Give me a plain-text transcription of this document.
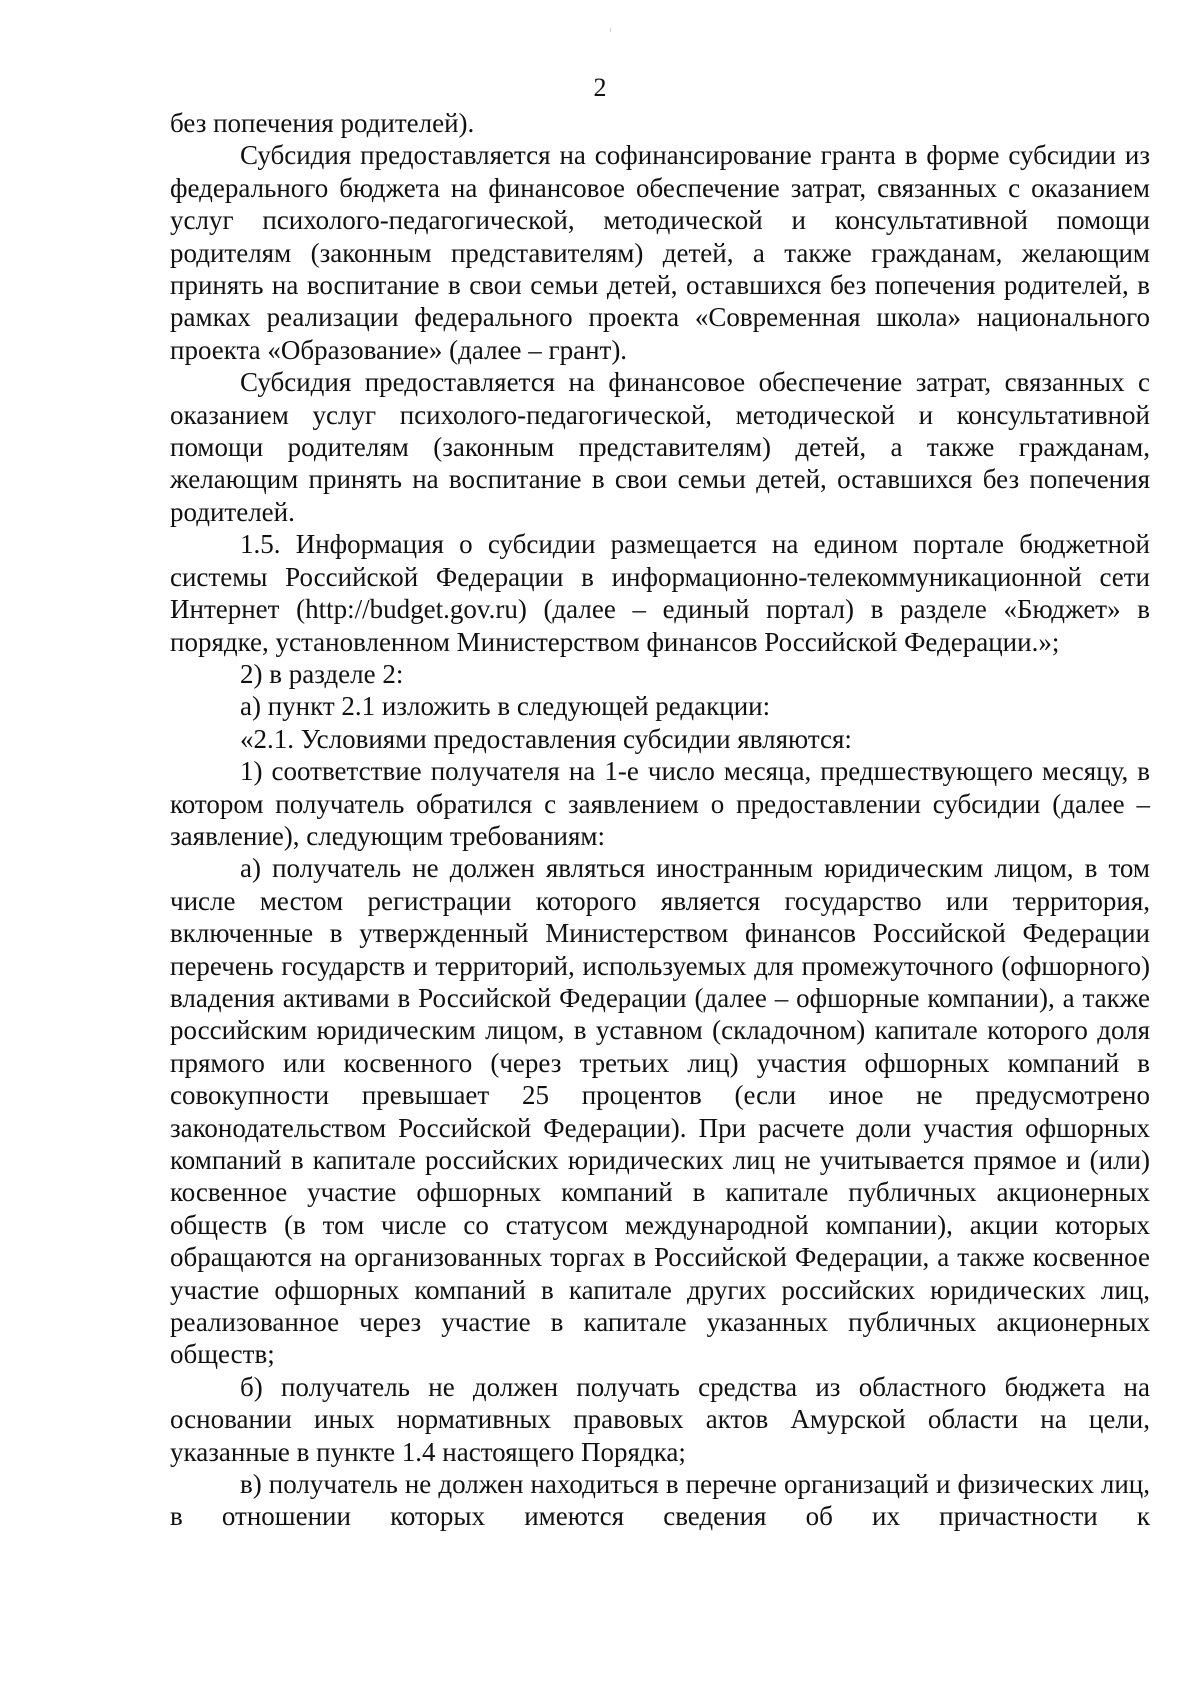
2

без попечения родителей).

Субсидия предоставляется на софинансирование гранта в форме субсидии из федерального бюджета на финансовое обеспечение затрат, связанных с оказанием услуг психолого-педагогической, методической и консультативной помощи родителям (законным представителям) детей, а также гражданам, желающим принять на воспитание в свои семьи детей, оставшихся без попечения родителей, в рамках реализации федерального проекта «Современная школа» национального проекта «Образование» (далее – грант).

Субсидия предоставляется на финансовое обеспечение затрат, связанных с оказанием услуг психолого-педагогической, методической и консультативной помощи родителям (законным представителям) детей, а также гражданам, желающим принять на воспитание в свои семьи детей, оставшихся без попечения родителей.

1.5. Информация о субсидии размещается на едином портале бюджетной системы Российской Федерации в информационно-телекоммуникационной сети Интернет (http://budget.gov.ru) (далее – единый портал) в разделе «Бюджет» в порядке, установленном Министерством финансов Российской Федерации.»;

2) в разделе 2:

а) пункт 2.1 изложить в следующей редакции:

«2.1. Условиями предоставления субсидии являются:

1) соответствие получателя на 1-е число месяца, предшествующего месяцу, в котором получатель обратился с заявлением о предоставлении субсидии (далее – заявление), следующим требованиям:

а) получатель не должен являться иностранным юридическим лицом, в том числе местом регистрации которого является государство или территория, включенные в утвержденный Министерством финансов Российской Федерации перечень государств и территорий, используемых для промежуточного (офшорного) владения активами в Российской Федерации (далее – офшорные компании), а также российским юридическим лицом, в уставном (складочном) капитале которого доля прямого или косвенного (через третьих лиц) участия офшорных компаний в совокупности превышает 25 процентов (если иное не предусмотрено законодательством Российской Федерации). При расчете доли участия офшорных компаний в капитале российских юридических лиц не учитывается прямое и (или) косвенное участие офшорных компаний в капитале публичных акционерных обществ (в том числе со статусом международной компании), акции которых обращаются на организованных торгах в Российской Федерации, а также косвенное участие офшорных компаний в капитале других российских юридических лиц, реализованное через участие в капитале указанных публичных акционерных обществ;

б) получатель не должен получать средства из областного бюджета на основании иных нормативных правовых актов Амурской области на цели, указанные в пункте 1.4 настоящего Порядка;

в) получатель не должен находиться в перечне организаций и физических лиц, в отношении которых имеются сведения об их причастности к
